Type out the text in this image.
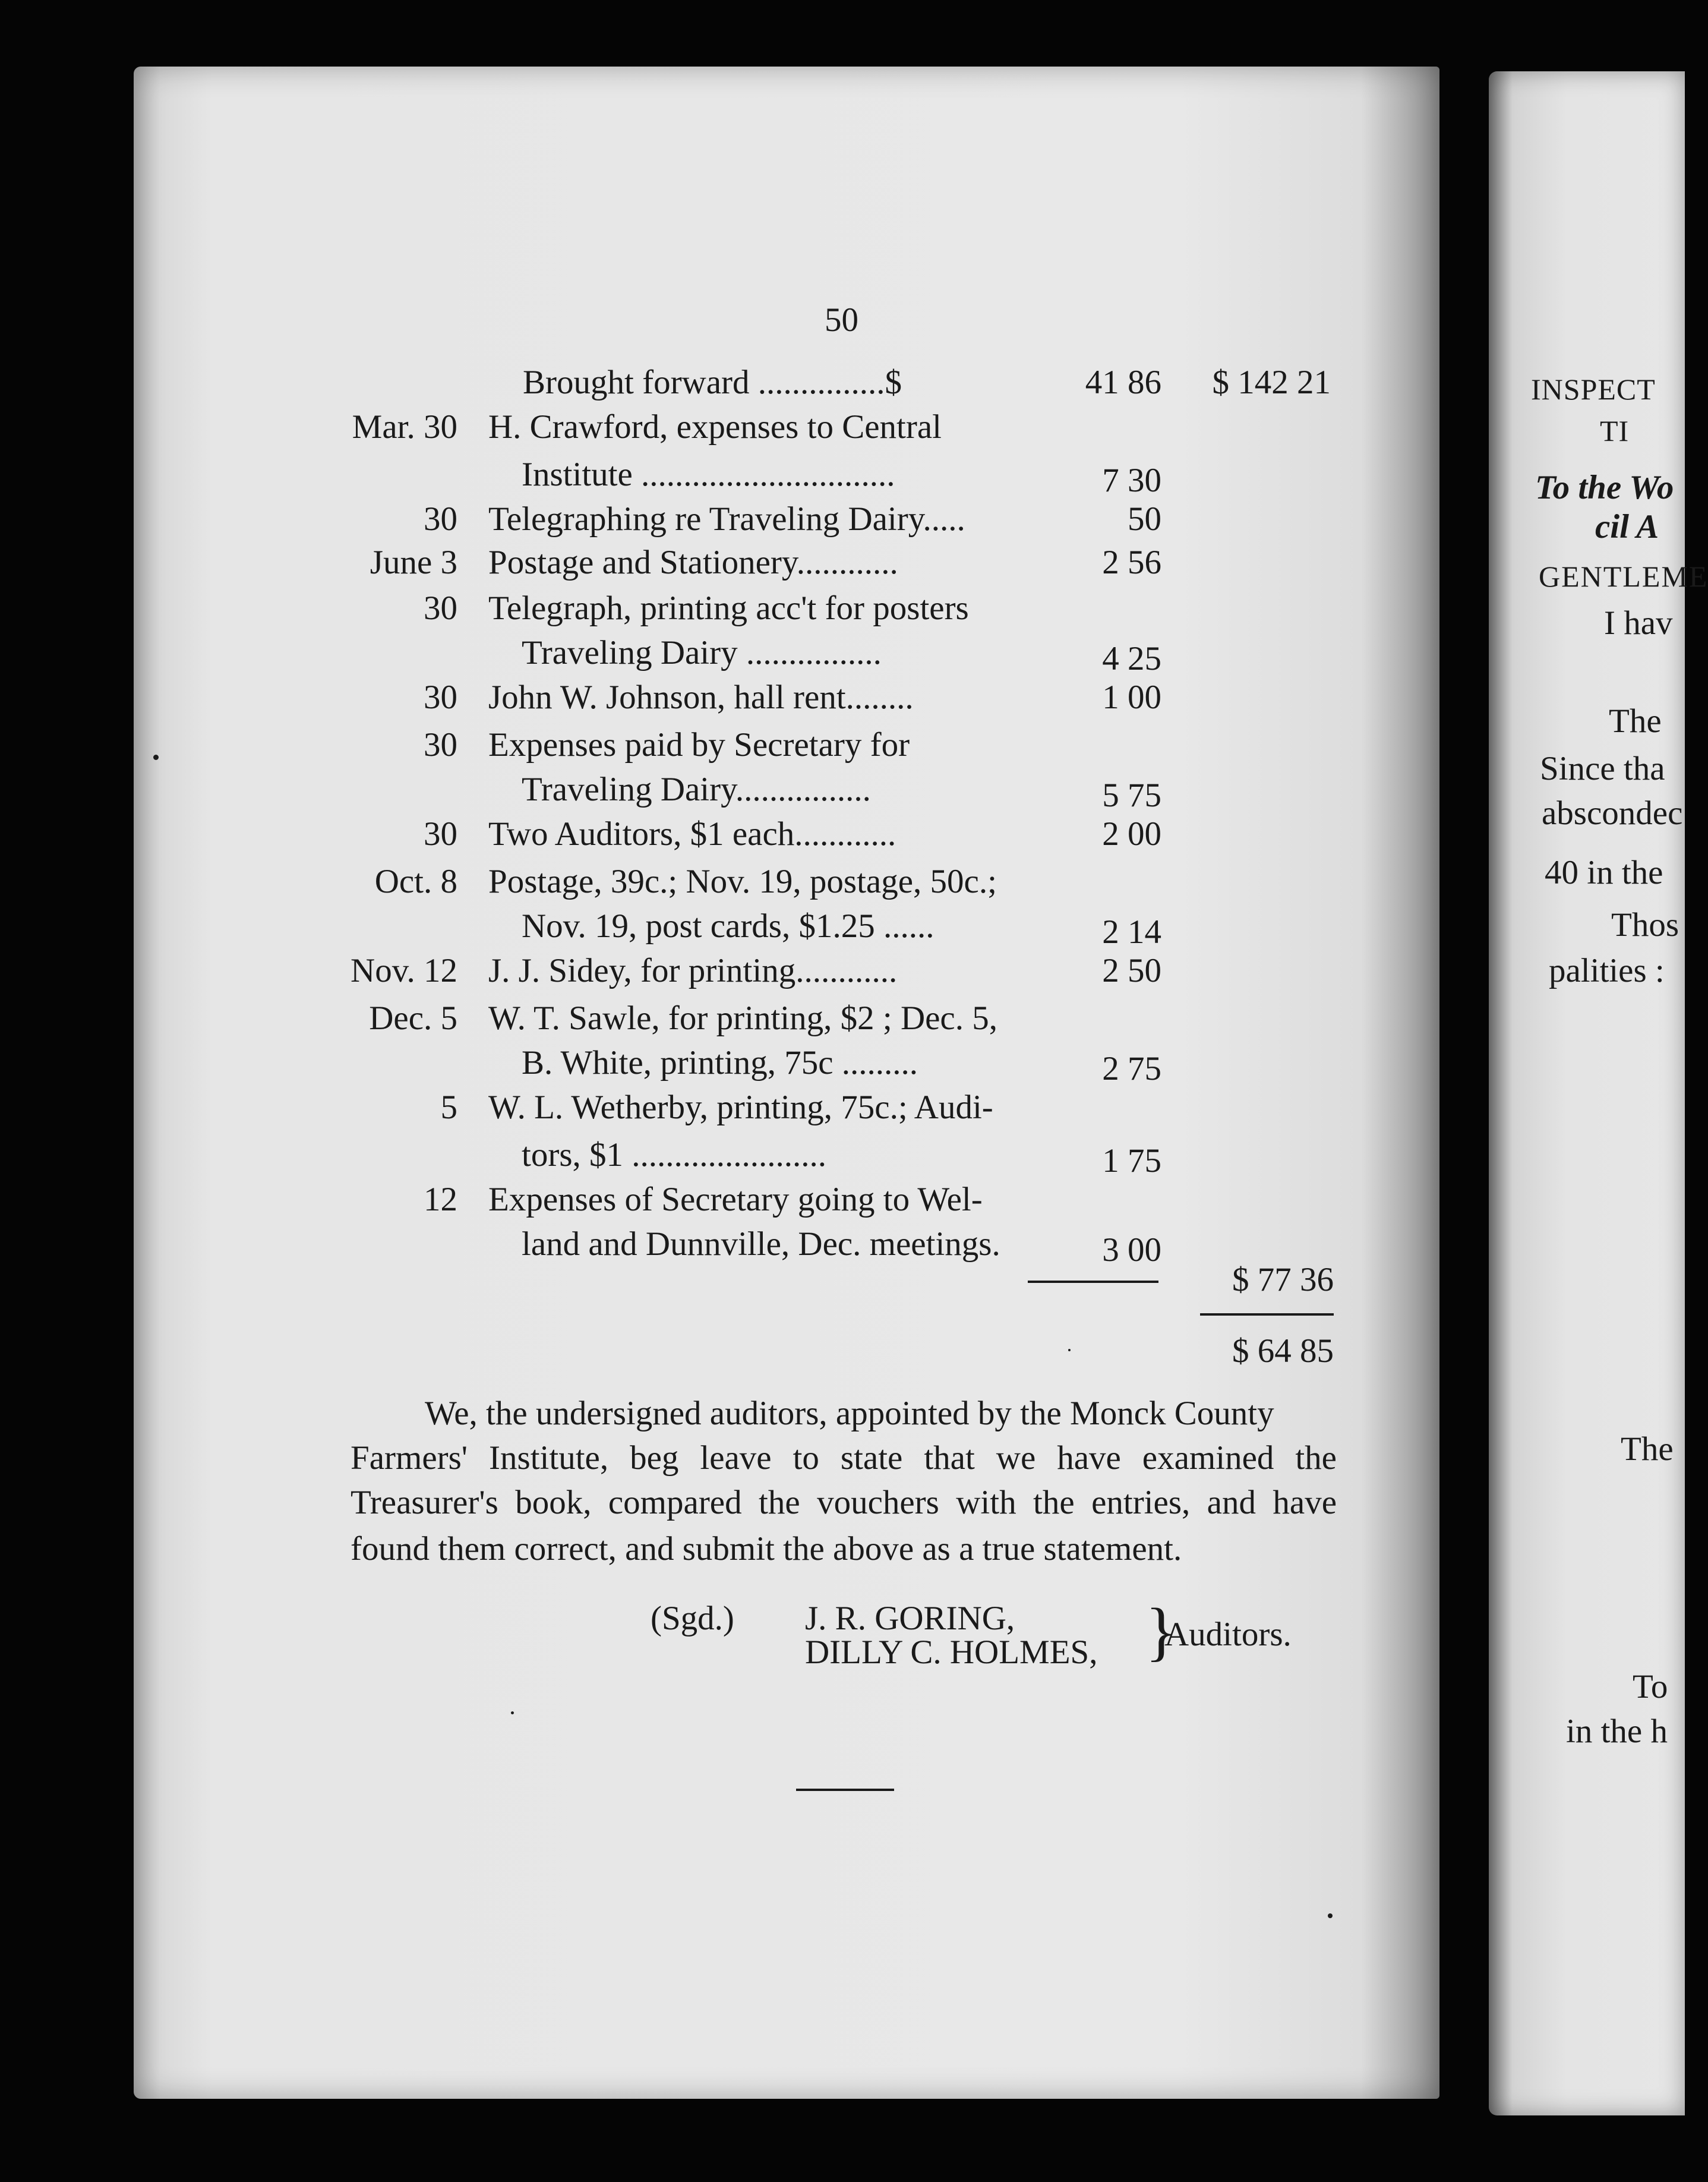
50
Brought forward ...............$	41 86 $ 142 21
Mar. 30 H. Crawford, expenses to Central
Institute ..............................	7 30
30 Telegraphing re Traveling Dairy.....	50
June 3 Postage and Stationery............	2 56
30 Telegraph, printing acc't for posters
Traveling Dairy ................	4 25
30 John W. Johnson, hall rent........	1 00
30 Expenses paid by Secretary for
Traveling Dairy................	5 75
30 Two Auditors, $1 each............	2 00
Oct. 8 Postage, 39c.; Nov. 19, postage, 50c.;
Nov. 19, post cards, $1.25 ......	2 14
Nov. 12 J. J. Sidey, for printing............	2 50
Dec. 5 W. T. Sawle, for printing, $2 ; Dec. 5,
B. White, printing, 75c .........	2 75
5 W. L. Wetherby, printing, 75c.; Audi-
tors, $1 .......................	1 75
12 Expenses of Secretary going to Wel-
land and Dunnville, Dec. meetings.	3 00
$ 77 36
$ 64 85
We, the undersigned auditors, appointed by the Monck County
Farmers' Institute, beg leave to state that we have examined the
Treasurer's book, compared the vouchers with the entries, and have
found them correct, and submit the above as a true statement.
(Sgd.) J. R. GORING,
DILLY C. HOLMES, }
Auditors.
INSPECT
TI
To the Wo
cil A
GENTLEME
I hav
The
Since tha
abscondec
40 in the
Thos
palities :
The
To
in the h
